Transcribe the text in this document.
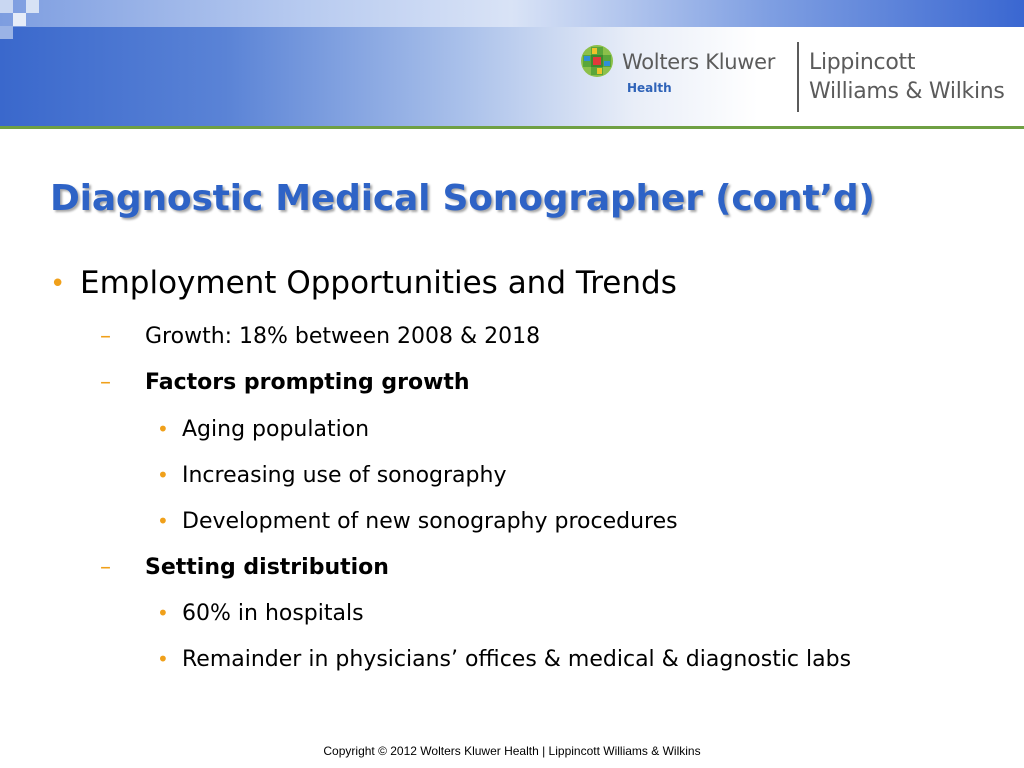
Wolters Kluwer
Health
Lippincott
Williams & Wilkins
Diagnostic Medical Sonographer (cont’d)
• Employment Opportunities and Trends
– Growth: 18% between 2008 & 2018
– Factors prompting growth
• Aging population
• Increasing use of sonography
• Development of new sonography procedures
– Setting distribution
• 60% in hospitals
• Remainder in physicians’ offices & medical & diagnostic labs
Copyright © 2012 Wolters Kluwer Health | Lippincott Williams & Wilkins
